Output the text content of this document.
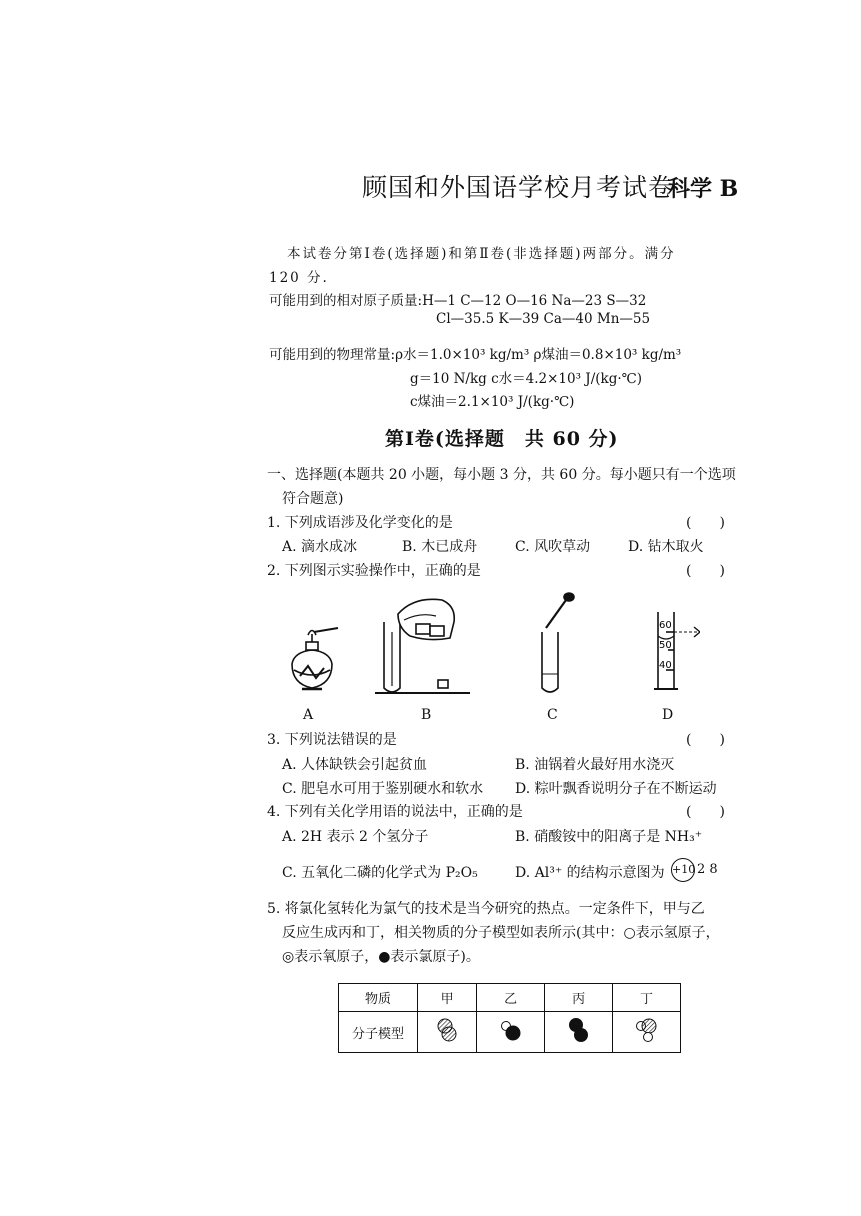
顾国和外国语学校月考试卷
科学 B
本试卷分第Ⅰ卷(选择题)和第Ⅱ卷(非选择题)两部分。满分
120 分.
可能用到的相对原子质量:H—1 C—12 O—16 Na—23 S—32
Cl—35.5 K—39 Ca—40 Mn—55
可能用到的物理常量:ρ水＝1.0×10³ kg/m³ ρ煤油＝0.8×10³ kg/m³
g＝10 N/kg c水＝4.2×10³ J/(kg·℃)
c煤油＝2.1×10³ J/(kg·℃)
第Ⅰ卷(选择题　共 60 分)
一、选择题(本题共 20 小题，每小题 3 分，共 60 分。每小题只有一个选项
符合题意)
1. 下列成语涉及化学变化的是	(　　)
A. 滴水成冰	B. 木已成舟	C. 风吹草动	D. 钻木取火
2. 下列图示实验操作中，正确的是	(　　)
60
50
40
A	B	C	D
3. 下列说法错误的是	(　　)
A. 人体缺铁会引起贫血	B. 油锅着火最好用水浇灭
C. 肥皂水可用于鉴别硬水和软水 D. 粽叶飘香说明分子在不断运动
4. 下列有关化学用语的说法中，正确的是	(　　)
A. 2H 表示 2 个氢分子	B. 硝酸铵中的阳离子是 NH₃⁺
C. 五氧化二磷的化学式为 P₂O₅	D. Al³⁺ 的结构示意图为 +10 2 8
5. 将氯化氢转化为氯气的技术是当今研究的热点。一定条件下，甲与乙
反应生成丙和丁，相关物质的分子模型如表所示(其中：○表示氢原子，
◎表示氧原子，●表示氯原子)。
物质	甲	乙	丙	丁
分子模型				
